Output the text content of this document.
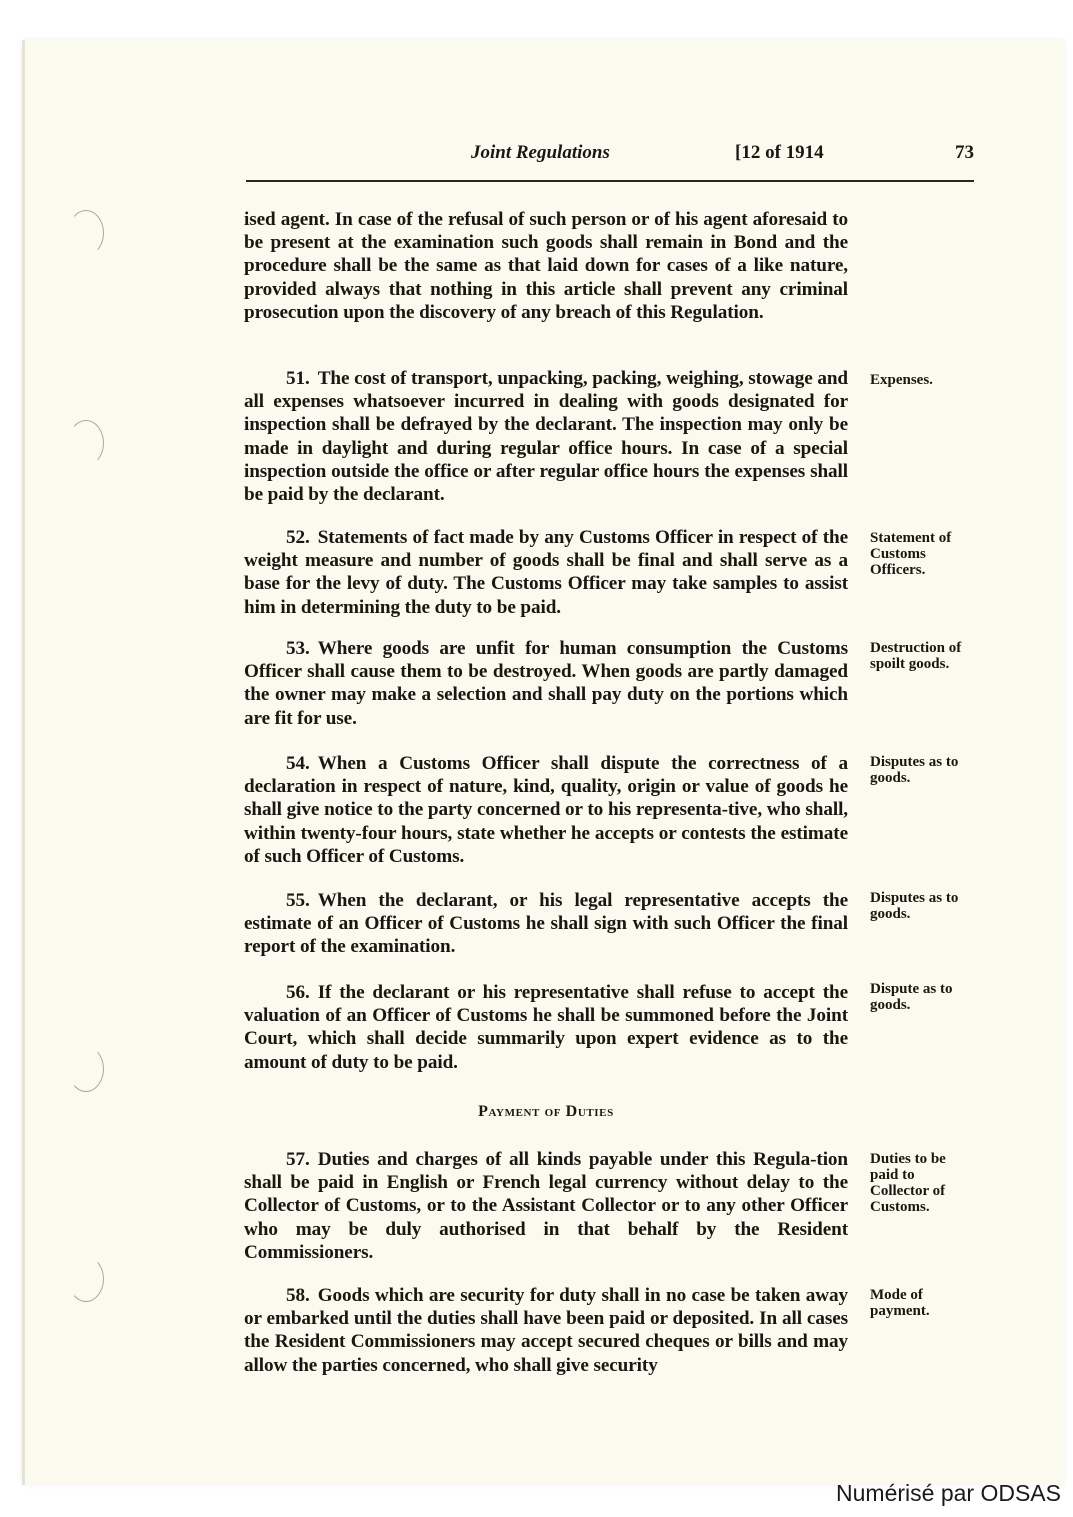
Joint Regulations	[12 of 1914	73
ised agent. In case of the refusal of such person or of his agent aforesaid to be present at the examination such goods shall remain in Bond and the procedure shall be the same as that laid down for cases of a like nature, provided always that nothing in this article shall prevent any criminal prosecution upon the discovery of any breach of this Regulation.
51. The cost of transport, unpacking, packing, weighing, stowage and all expenses whatsoever incurred in dealing with goods designated for inspection shall be defrayed by the declarant. The inspection may only be made in daylight and during regular office hours. In case of a special inspection outside the office or after regular office hours the expenses shall be paid by the declarant.
Expenses.
52. Statements of fact made by any Customs Officer in respect of the weight measure and number of goods shall be final and shall serve as a base for the levy of duty. The Customs Officer may take samples to assist him in determining the duty to be paid.
Statement of Customs Officers.
53. Where goods are unfit for human consumption the Customs Officer shall cause them to be destroyed. When goods are partly damaged the owner may make a selection and shall pay duty on the portions which are fit for use.
Destruction of spoilt goods.
54. When a Customs Officer shall dispute the correctness of a declaration in respect of nature, kind, quality, origin or value of goods he shall give notice to the party concerned or to his representa-tive, who shall, within twenty-four hours, state whether he accepts or contests the estimate of such Officer of Customs.
Disputes as to goods.
55. When the declarant, or his legal representative accepts the estimate of an Officer of Customs he shall sign with such Officer the final report of the examination.
Disputes as to goods.
56. If the declarant or his representative shall refuse to accept the valuation of an Officer of Customs he shall be summoned before the Joint Court, which shall decide summarily upon expert evidence as to the amount of duty to be paid.
Dispute as to goods.
Payment of Duties
57. Duties and charges of all kinds payable under this Regula-tion shall be paid in English or French legal currency without delay to the Collector of Customs, or to the Assistant Collector or to any other Officer who may be duly authorised in that behalf by the Resident Commissioners.
Duties to be paid to Collector of Customs.
58. Goods which are security for duty shall in no case be taken away or embarked until the duties shall have been paid or deposited. In all cases the Resident Commissioners may accept secured cheques or bills and may allow the parties concerned, who shall give security
Mode of payment.
Numérisé par ODSAS
